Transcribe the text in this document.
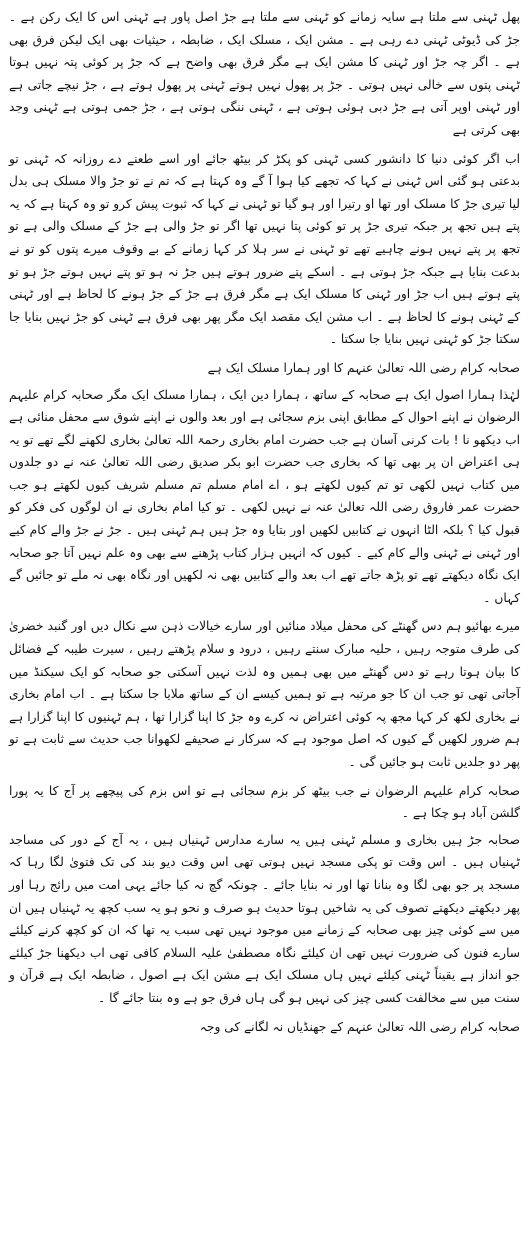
پھل ٹہنی سے ملتا ہے سایہ زمانے کو ٹہنی سے ملتا ہے جڑ اصل پاور ہے ٹہنی اس کا ایک رکن ہے ۔ جڑ کی ڈیوٹی ٹہنی دے رہی ہے ۔ مشن ایک ، مسلک ایک ، ضابطہ ، حیثیات بھی ایک لیکن فرق بھی ہے ۔ اگر چہ جڑ اور ٹہنی کا مشن ایک ہے مگر فرق بھی واضح ہے کہ جڑ پر کوئی پتہ نہیں ہوتا ٹہنی پتوں سے خالی نہیں ہوتی ۔ جڑ پر پھول نہیں ہوتے ٹہنی پر پھول ہوتے ہے ، جڑ نیچے جاتی ہے اور ٹہنی اوپر آتی ہے جڑ دبی ہوئی ہوتی ہے ، ٹہنی ننگی ہوتی ہے ، جڑ جمی ہوتی ہے ٹہنی وجد بھی کرتی ہے

اب اگر کوئی دنیا کا دانشور کسی ٹہنی کو پکڑ کر بیٹھ جائے اور اسے طعنے دے روزانہ کہ ٹہنی تو بدعتی ہو گئی اس ٹہنی نے کہا کہ تجھے کیا ہوا آ گے وہ کہتا ہے کہ تم نے تو جڑ والا مسلک ہی بدل لیا تیری جڑ کا مسلک اور تھا او رتیرا اور ہو گیا تو ٹہنی نے کہا کہ ثبوت پیش کرو تو وہ کہتا ہے کہ یہ پتے ہیں تجھ پر جبکہ تیری جڑ پر تو کوئی پتا نہیں تھا اگر تو جڑ والی ہے جڑ کے مسلک والی ہے تو تجھ پر پتے نہیں ہونے چاہیے تھے تو ٹہنی نے سر ہلا کر کہا زمانے کے بے وقوف میرے پتوں کو تو نے بدعت بنایا ہے جبکہ جڑ ہوتی ہے ۔ اسکے پتے ضرور ہوتے ہیں جڑ نہ ہو تو پتے نہیں ہوتے جڑ ہو تو پتے ہوتے ہیں اب جڑ اور ٹہنی کا مسلک ایک ہے مگر فرق ہے جڑ کے جڑ ہونے کا لحاظ ہے اور ٹہنی کے ٹہنی ہونے کا لحاظ ہے ۔ اب مشن ایک مقصد ایک مگر پھر بھی فرق ہے ٹہنی کو جڑ نہیں بنایا جا سکتا جڑ کو ٹہنی نہیں بنایا جا سکتا ۔

صحابہ کرام رضی اللہ تعالیٰ عنہم کا اور ہمارا مسلک ایک ہے

لہٰذا ہمارا اصول ایک ہے صحابہ کے ساتھ ، ہمارا دین ایک ، ہمارا مسلک ایک مگر صحابہ کرام علیہم الرضوان نے اپنے احوال کے مطابق اپنی بزم سجائی ہے اور بعد والوں نے اپنے شوق سے محفل منائی ہے اب دیکھو نا ! بات کرنی آسان ہے جب حضرت امام بخاری رحمۃ اللہ تعالیٰ بخاری لکھنے لگے تھے تو یہ ہی اعتراض ان پر بھی تھا کہ بخاری جب حضرت ابو بکر صدیق رضی اللہ تعالیٰ عنہ نے دو جلدوں میں کتاب نہیں لکھی تو تم کیوں لکھتے ہو ، اے امام مسلم تم مسلم شریف کیوں لکھتے ہو جب حضرت عمر فاروق رضی اللہ تعالیٰ عنہ نے نہیں لکھی ۔ تو کیا امام بخاری نے ان لوگوں کی فکر کو قبول کیا ؟ بلکہ الٹا انہوں نے کتابیں لکھیں اور بتایا وہ جڑ ہیں ہم ٹہنی ہیں ۔ جڑ نے جڑ والے کام کیے اور ٹہنی نے ٹہنی والے کام کیے ۔ کیوں کہ انہیں ہزار کتاب پڑھنے سے بھی وہ علم نہیں آتا جو صحابہ ایک نگاہ دیکھتے تھے تو پڑھ جاتے تھے اب بعد والے کتابیں بھی نہ لکھیں اور نگاہ بھی نہ ملے تو جائیں گے کہاں ۔

میرے بھائیو ہم دس گھنٹے کی محفل میلاد منائیں اور سارے خیالات ذہن سے نکال دیں اور گنبد خضریٰ کی طرف متوجہ رہیں ، حلیہ مبارک سنتے رہیں ، درود و سلام پڑھتے رہیں ، سیرت طیبہ کے فضائل کا بیان ہوتا رہے تو دس گھنٹے میں بھی ہمیں وہ لذت نہیں آسکتی جو صحابہ کو ایک سیکنڈ میں آجاتی تھی تو جب ان کا جو مرتبہ ہے تو ہمیں کیسے ان کے ساتھ ملایا جا سکتا ہے ۔ اب امام بخاری نے بخاری لکھ کر کہا مجھ پہ کوئی اعتراض نہ کرے وہ جڑ کا اپنا گزارا تھا ، ہم ٹہنیوں کا اپنا گزارا ہے ہم ضرور لکھیں گے کیوں کہ اصل موجود ہے کہ سرکار نے صحیفے لکھوانا جب حدیث سے ثابت ہے تو پھر دو جلدیں ثابت ہو جائیں گی ۔

صحابہ کرام علیہم الرضوان نے جب بیٹھ کر بزم سجائی ہے تو اس بزم کی پیچھے پر آج کا یہ پورا گلشن آباد ہو چکا ہے ۔

صحابہ جڑ ہیں بخاری و مسلم ٹہنی ہیں یہ سارے مدارس ٹہنیاں ہیں ، یہ آج کے دور کی مساجد ٹہنیاں ہیں ۔ اس وقت تو پکی مسجد نہیں ہوتی تھی اس وقت دیو بند کی تک فتویٰ لگا رہا کہ مسجد پر جو بھی لگا وہ بنانا تھا اور نہ بنایا جائے ۔ چونکہ گچ نہ کیا جائے یہی امت میں رائج رہا اور پھر دیکھتے دیکھتے تصوف کی یہ شاخیں ہوتا حدیث ہو صرف و نحو ہو یہ سب کچھ یہ ٹہنیاں ہیں ان میں سے کوئی چیز بھی صحابہ کے زمانے میں موجود نہیں تھی سبب یہ تھا کہ ان کو کچھ کرنے کیلئے سارے فنون کی ضرورت نہیں تھی ان کیلئے نگاہ مصطفیٰ علیہ السلام کافی تھی اب دیکھنا جڑ کیلئے جو انداز ہے یقیناً ٹہنی کیلئے نہیں ہاں مسلک ایک ہے مشن ایک ہے اصول ، ضابطہ ایک ہے قرآن و سنت میں سے مخالفت کسی چیز کی نہیں ہو گی ہاں فرق جو ہے وہ بنتا جائے گا ۔

صحابہ کرام رضی اللہ تعالیٰ عنہم کے جھنڈیاں نہ لگانے کی وجہ
